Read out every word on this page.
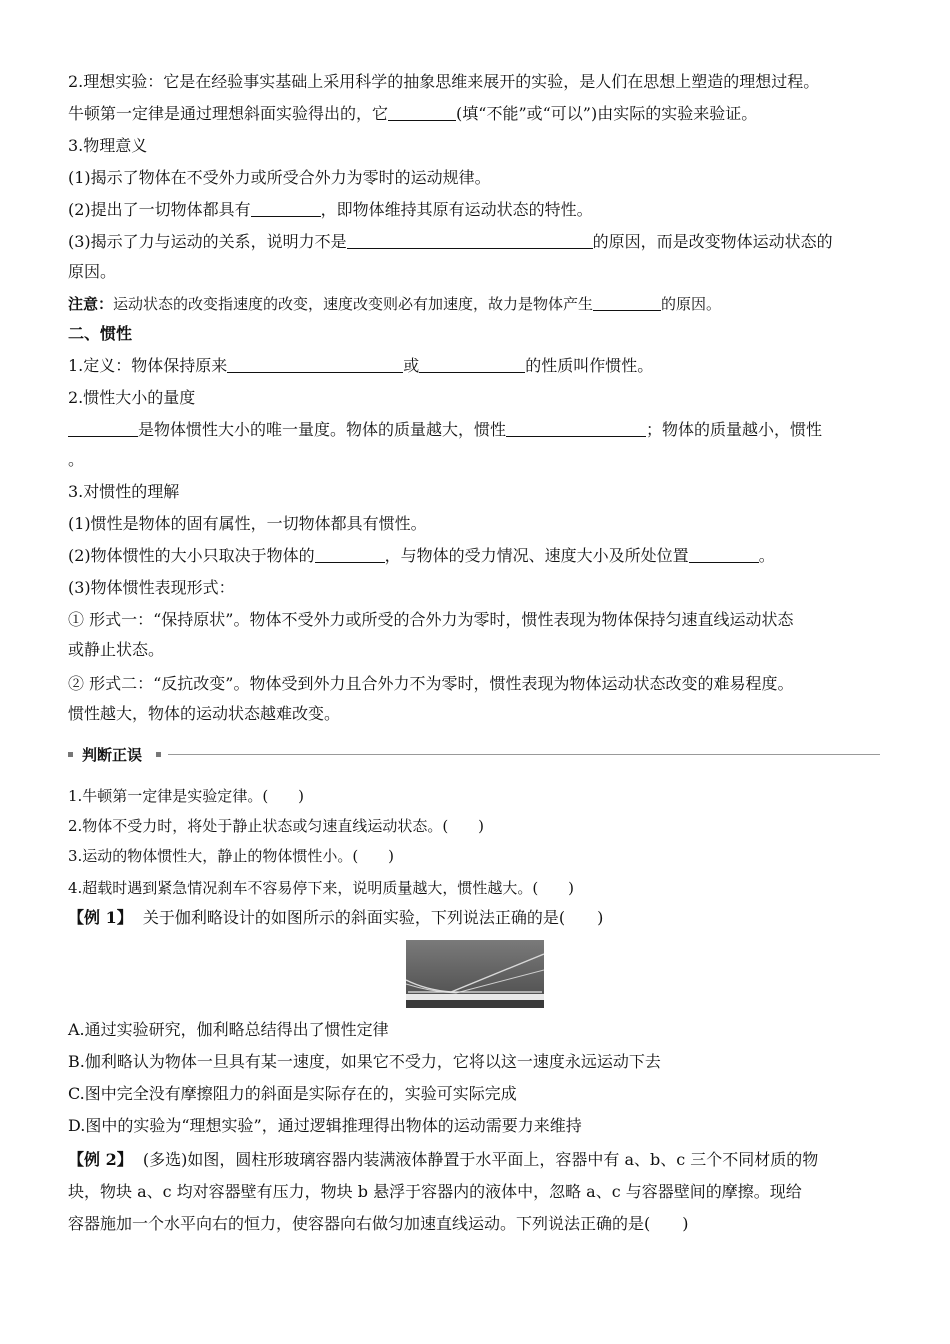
2.理想实验：它是在经验事实基础上采用科学的抽象思维来展开的实验，是人们在思想上塑造的理想过程。
牛顿第一定律是通过理想斜面实验得出的，它	(填“不能”或“可以”)由实际的实验来验证。
3.物理意义
(1)揭示了物体在不受外力或所受合外力为零时的运动规律。
(2)提出了一切物体都具有	，即物体维持其原有运动状态的特性。
(3)揭示了力与运动的关系，说明力不是	的原因，而是改变物体运动状态的
原因。
注意：运动状态的改变指速度的改变，速度改变则必有加速度，故力是物体产生	的原因。
二、惯性
1.定义：物体保持原来	或	的性质叫作惯性。
2.惯性大小的量度
是物体惯性大小的唯一量度。物体的质量越大，惯性	；物体的质量越小，惯性
。
3.对惯性的理解
(1)惯性是物体的固有属性，一切物体都具有惯性。
(2)物体惯性的大小只取决于物体的	，与物体的受力情况、速度大小及所处位置	。
(3)物体惯性表现形式：
① 形式一：“保持原状”。物体不受外力或所受的合外力为零时，惯性表现为物体保持匀速直线运动状态
或静止状态。
② 形式二：“反抗改变”。物体受到外力且合外力不为零时，惯性表现为物体运动状态改变的难易程度。
惯性越大，物体的运动状态越难改变。
判断正误
1.牛顿第一定律是实验定律。(　　)
2.物体不受力时，将处于静止状态或匀速直线运动状态。(　　)
3.运动的物体惯性大，静止的物体惯性小。(　　)
4.超载时遇到紧急情况刹车不容易停下来，说明质量越大，惯性越大。(　　)
【例 1】 关于伽利略设计的如图所示的斜面实验，下列说法正确的是(　　)
A.通过实验研究，伽利略总结得出了惯性定律
B.伽利略认为物体一旦具有某一速度，如果它不受力，它将以这一速度永远运动下去
C.图中完全没有摩擦阻力的斜面是实际存在的，实验可实际完成
D.图中的实验为“理想实验”，通过逻辑推理得出物体的运动需要力来维持
【例 2】 (多选)如图，圆柱形玻璃容器内装满液体静置于水平面上，容器中有 a、b、c 三个不同材质的物
块，物块 a、c 均对容器壁有压力，物块 b 悬浮于容器内的液体中，忽略 a、c 与容器壁间的摩擦。现给
容器施加一个水平向右的恒力，使容器向右做匀加速直线运动。下列说法正确的是(　　)
